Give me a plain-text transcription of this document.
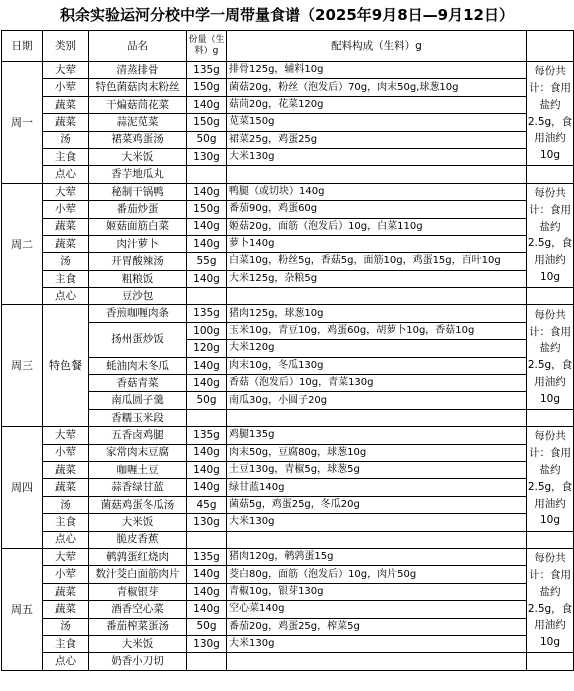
积余实验运河分校中学一周带量食谱（2025年9月8日—9月12日）
日期	类别	品名	份量（生料）g	配料构成（生料）g	
周一	大荤	清蒸排骨	135g	排骨125g，辅料10g	每份共计：食用盐约2.5g，食用油约10g
	小荤	特色菌菇肉末粉丝	150g	菌菇20g，粉丝（泡发后）70g，肉末50g,球葱10g	
	蔬菜	干煸菇茼花菜	140g	菇茼20g，花菜120g	
	蔬菜	蒜泥苋菜	150g	苋菜150g	
	汤	裙菜鸡蛋汤	50g	裙菜25g，鸡蛋25g	
	主食	大米饭	130g	大米130g	
	点心	香芋地瓜丸			
周二	大荤	秘制干锅鸭	140g	鸭腿（或切块）140g	每份共计：食用盐约2.5g，食用油约10g
	小荤	番茄炒蛋	150g	番茄90g，鸡蛋60g	
	蔬菜	姬菇面筋白菜	140g	姬菇20g，面筋（泡发后）10g，白菜110g	
	蔬菜	肉汁萝卜	140g	萝卜140g	
	汤	开胃酸辣汤	55g	白菜10g，粉丝5g，香菇5g，面筋10g，鸡蛋15g，百叶10g	
	主食	粗粮饭	140g	大米125g，杂粮5g	
	点心	豆沙包			
周三	特色餐	香煎咖喱肉条	135g	猪肉125g，球葱10g	每份共计：食用盐约2.5g，食用油约10g
		扬州蛋炒饭	100g	玉米10g，青豆10g，鸡蛋60g，胡萝卜10g，香菇10g	
			120g	大米120g	
		蚝油肉末冬瓜	140g	肉末10g，冬瓜130g	
		香菇青菜	140g	香菇（泡发后）10g，青菜130g	
		南瓜圆子羹	50g	南瓜30g，小圆子20g	
		香糯玉米段			
周四	大荤	五香卤鸡腿	135g	鸡腿135g	每份共计：食用盐约2.5g，食用油约10g
	小荤	家常肉末豆腐	140g	肉末50g，豆腐80g，球葱10g	
	蔬菜	咖喱土豆	140g	土豆130g，青椒5g，球葱5g	
	蔬菜	蒜香绿甘蓝	140g	绿甘蓝140g	
	汤	菌菇鸡蛋冬瓜汤	45g	菌菇5g，鸡蛋25g，冬瓜20g	
	主食	大米饭	130g	大米130g	
	点心	脆皮香蕉			
周五	大荤	鹌鹑蛋红烧肉	135g	猪肉120g，鹌鹑蛋15g	每份共计：食用盐约2.5g，食用油约10g
	小荤	数汁茭白面筋肉片	140g	茭白80g，面筋（泡发后）10g，肉片50g	
	蔬菜	青椒银芽	140g	青椒10g，银芽130g	
	蔬菜	酒香空心菜	140g	空心菜140g	
	汤	番茄榨菜蛋汤	50g	番茄20g，鸡蛋25g，榨菜5g	
	主食	大米饭	130g	大米130g	
	点心	奶香小刀切			
